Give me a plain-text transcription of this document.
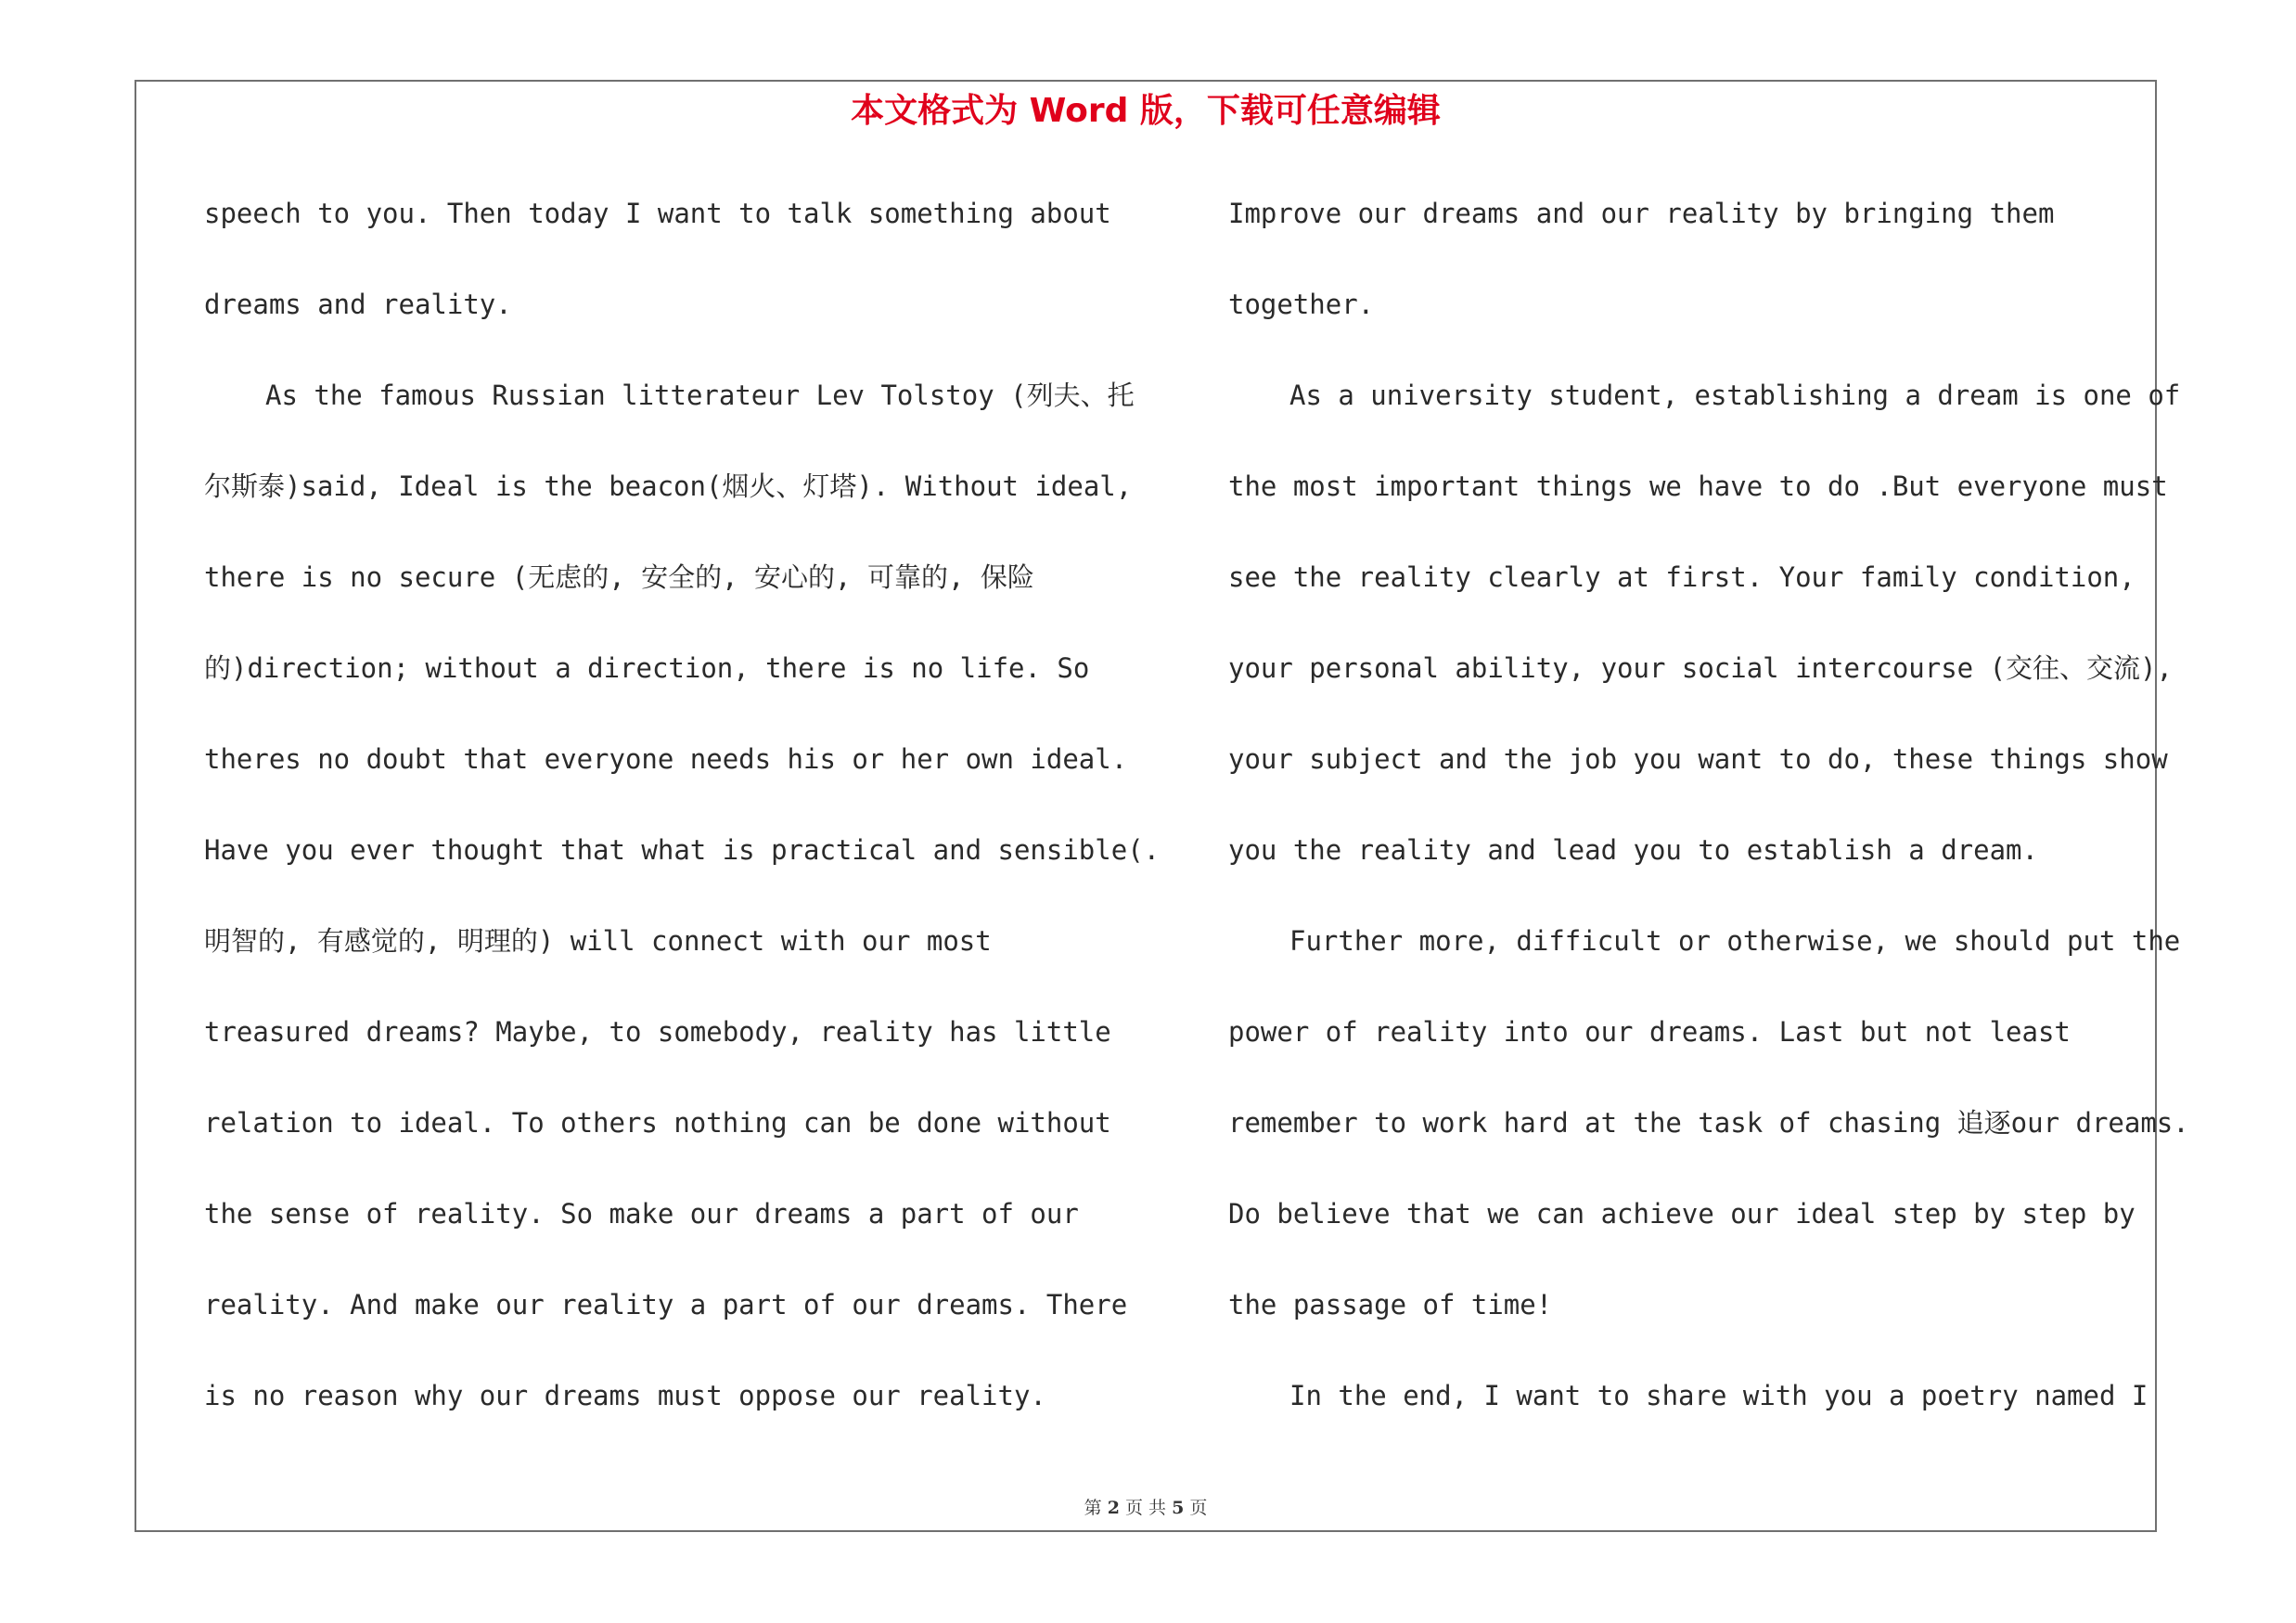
本文格式为 Word 版，下载可任意编辑
speech to you. Then today I want to talk something about
dreams and reality.
As the famous Russian litterateur Lev Tolstoy (列夫、托
尔斯泰)said, Ideal is the beacon(烟火、灯塔). Without ideal,
there is no secure (无虑的, 安全的, 安心的, 可靠的, 保险
的)direction; without a direction, there is no life. So
theres no doubt that everyone needs his or her own ideal.
Have you ever thought that what is practical and sensible(.
明智的, 有感觉的, 明理的) will connect with our most
treasured dreams? Maybe, to somebody, reality has little
relation to ideal. To others nothing can be done without
the sense of reality. So make our dreams a part of our
reality. And make our reality a part of our dreams. There
is no reason why our dreams must oppose our reality.
Improve our dreams and our reality by bringing them
together.
As a university student, establishing a dream is one of
the most important things we have to do .But everyone must
see the reality clearly at first. Your family condition,
your personal ability, your social intercourse (交往、交流),
your subject and the job you want to do, these things show
you the reality and lead you to establish a dream.
Further more, difficult or otherwise, we should put the
power of reality into our dreams. Last but not least
remember to work hard at the task of chasing 追逐our dreams.
Do believe that we can achieve our ideal step by step by
the passage of time!
In the end, I want to share with you a poetry named I
第 2 页 共 5 页
